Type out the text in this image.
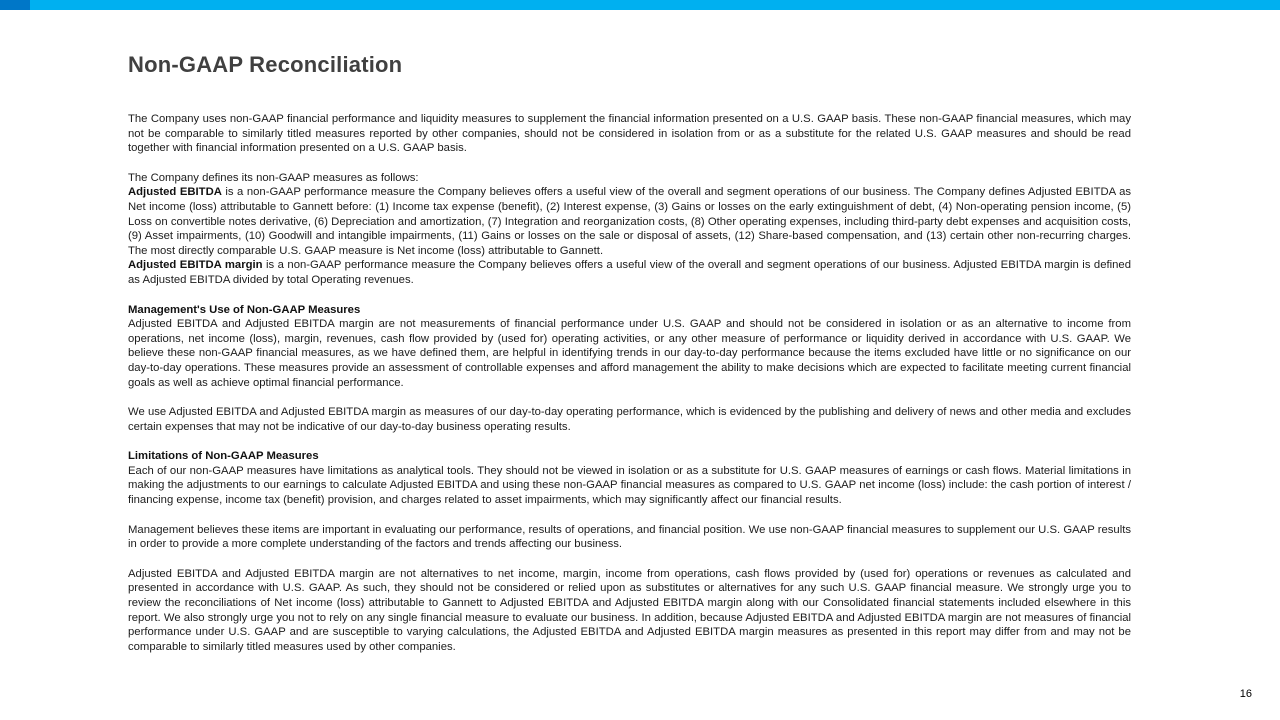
Non-GAAP Reconciliation

The Company uses non-GAAP financial performance and liquidity measures to supplement the financial information presented on a U.S. GAAP basis. These non-GAAP financial measures, which may not be comparable to similarly titled measures reported by other companies, should not be considered in isolation from or as a substitute for the related U.S. GAAP measures and should be read together with financial information presented on a U.S. GAAP basis.

The Company defines its non-GAAP measures as follows:
Adjusted EBITDA is a non-GAAP performance measure the Company believes offers a useful view of the overall and segment operations of our business. The Company defines Adjusted EBITDA as Net income (loss) attributable to Gannett before: (1) Income tax expense (benefit), (2) Interest expense, (3) Gains or losses on the early extinguishment of debt, (4) Non-operating pension income, (5) Loss on convertible notes derivative, (6) Depreciation and amortization, (7) Integration and reorganization costs, (8) Other operating expenses, including third-party debt expenses and acquisition costs, (9) Asset impairments, (10) Goodwill and intangible impairments, (11) Gains or losses on the sale or disposal of assets, (12) Share-based compensation, and (13) certain other non-recurring charges. The most directly comparable U.S. GAAP measure is Net income (loss) attributable to Gannett.
Adjusted EBITDA margin is a non-GAAP performance measure the Company believes offers a useful view of the overall and segment operations of our business. Adjusted EBITDA margin is defined as Adjusted EBITDA divided by total Operating revenues.

Management's Use of Non-GAAP Measures
Adjusted EBITDA and Adjusted EBITDA margin are not measurements of financial performance under U.S. GAAP and should not be considered in isolation or as an alternative to income from operations, net income (loss), margin, revenues, cash flow provided by (used for) operating activities, or any other measure of performance or liquidity derived in accordance with U.S. GAAP. We believe these non-GAAP financial measures, as we have defined them, are helpful in identifying trends in our day-to-day performance because the items excluded have little or no significance on our day-to-day operations. These measures provide an assessment of controllable expenses and afford management the ability to make decisions which are expected to facilitate meeting current financial goals as well as achieve optimal financial performance.

We use Adjusted EBITDA and Adjusted EBITDA margin as measures of our day-to-day operating performance, which is evidenced by the publishing and delivery of news and other media and excludes certain expenses that may not be indicative of our day-to-day business operating results.

Limitations of Non-GAAP Measures
Each of our non-GAAP measures have limitations as analytical tools. They should not be viewed in isolation or as a substitute for U.S. GAAP measures of earnings or cash flows. Material limitations in making the adjustments to our earnings to calculate Adjusted EBITDA and using these non-GAAP financial measures as compared to U.S. GAAP net income (loss) include: the cash portion of interest / financing expense, income tax (benefit) provision, and charges related to asset impairments, which may significantly affect our financial results.

Management believes these items are important in evaluating our performance, results of operations, and financial position. We use non-GAAP financial measures to supplement our U.S. GAAP results in order to provide a more complete understanding of the factors and trends affecting our business.

Adjusted EBITDA and Adjusted EBITDA margin are not alternatives to net income, margin, income from operations, cash flows provided by (used for) operations or revenues as calculated and presented in accordance with U.S. GAAP. As such, they should not be considered or relied upon as substitutes or alternatives for any such U.S. GAAP financial measure. We strongly urge you to review the reconciliations of Net income (loss) attributable to Gannett to Adjusted EBITDA and Adjusted EBITDA margin along with our Consolidated financial statements included elsewhere in this report. We also strongly urge you not to rely on any single financial measure to evaluate our business. In addition, because Adjusted EBITDA and Adjusted EBITDA margin are not measures of financial performance under U.S. GAAP and are susceptible to varying calculations, the Adjusted EBITDA and Adjusted EBITDA margin measures as presented in this report may differ from and may not be comparable to similarly titled measures used by other companies.

16
